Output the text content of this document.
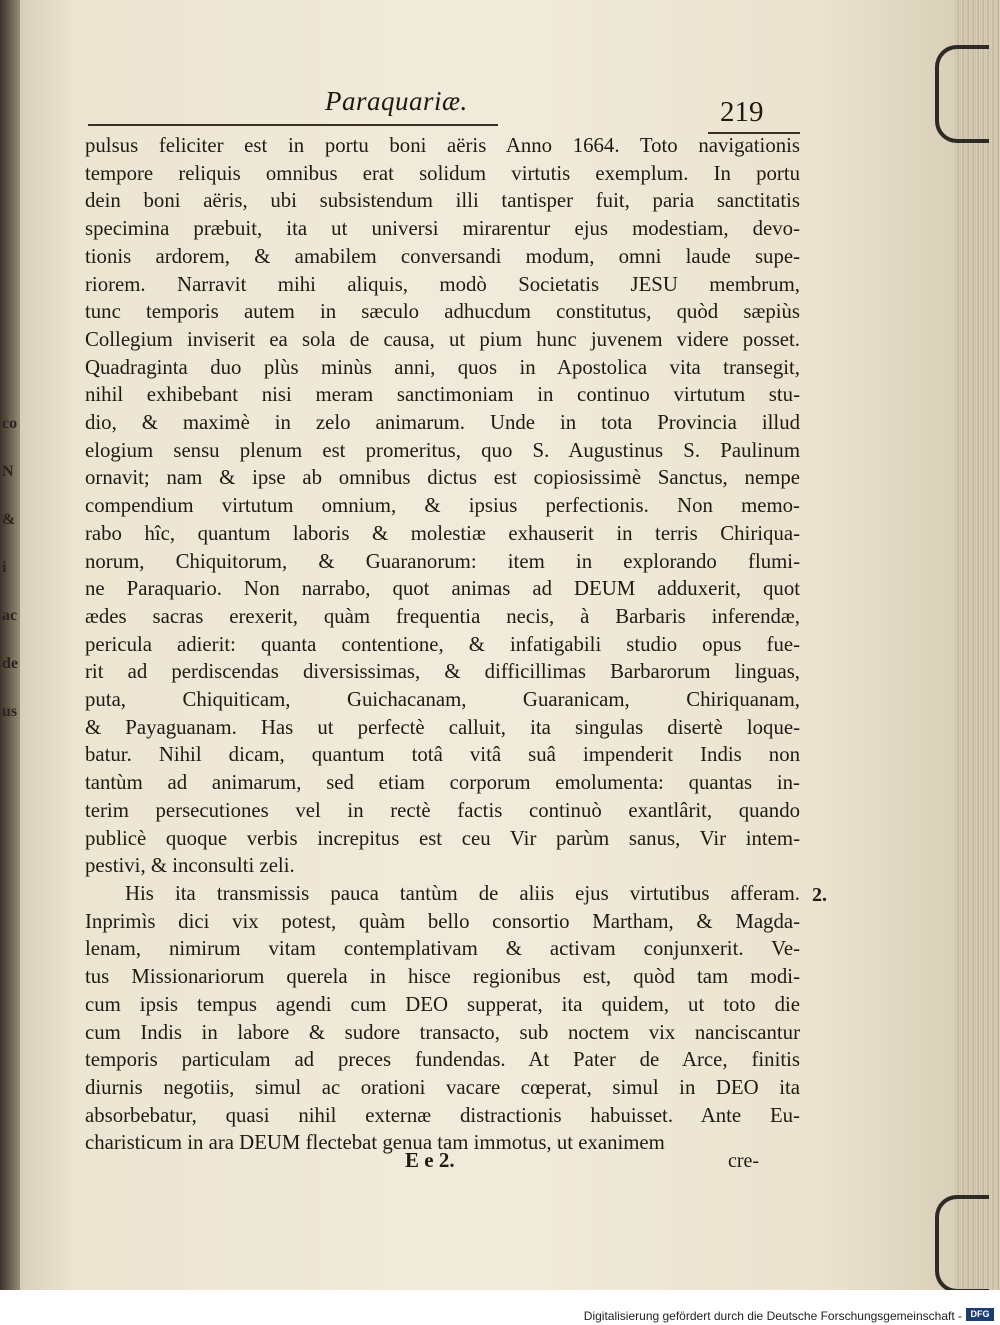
co
N
&
i
ac
de
us
Paraquariæ.	219

pulsus feliciter est in portu boni aëris Anno 1664. Toto navigationis
tempore reliquis omnibus erat solidum virtutis exemplum. In portu
dein boni aëris, ubi subsistendum illi tantisper fuit, paria sanctitatis
specimina præbuit, ita ut universi mirarentur ejus modestiam, devo-
tionis ardorem, & amabilem conversandi modum, omni laude supe-
riorem. Narravit mihi aliquis, modò Societatis JESU membrum,
tunc temporis autem in sæculo adhucdum constitutus, quòd sæpiùs
Collegium inviserit ea sola de causa, ut pium hunc juvenem videre posset.
Quadraginta duo plùs minùs anni, quos in Apostolica vita transegit,
nihil exhibebant nisi meram sanctimoniam in continuo virtutum stu-
dio, & maximè in zelo animarum. Unde in tota Provincia illud
elogium sensu plenum est promeritus, quo S. Augustinus S. Paulinum
ornavit; nam & ipse ab omnibus dictus est copiosissimè Sanctus, nempe
compendium virtutum omnium, & ipsius perfectionis. Non memo-
rabo hîc, quantum laboris & molestiæ exhauserit in terris Chiriqua-
norum, Chiquitorum, & Guaranorum: item in explorando flumi-
ne Paraquario. Non narrabo, quot animas ad DEUM adduxerit, quot
ædes sacras erexerit, quàm frequentia necis, à Barbaris inferendæ,
pericula adierit: quanta contentione, & infatigabili studio opus fue-
rit ad perdiscendas diversissimas, & difficillimas Barbarorum linguas,
puta, Chiquiticam, Guichacanam, Guaranicam, Chiriquanam,
& Payaguanam. Has ut perfectè calluit, ita singulas disertè loque-
batur. Nihil dicam, quantum totâ vitâ suâ impenderit Indis non
tantùm ad animarum, sed etiam corporum emolumenta: quantas in-
terim persecutiones vel in rectè factis continuò exantlârit, quando
publicè quoque verbis increpitus est ceu Vir parùm sanus, Vir intem-
pestivi, & inconsulti zeli.

His ita transmissis pauca tantùm de aliis ejus virtutibus afferam.
Inprimìs dici vix potest, quàm bello consortio Martham, & Magda-
lenam, nimirum vitam contemplativam & activam conjunxerit. Ve-
tus Missionariorum querela in hisce regionibus est, quòd tam modi-
cum ipsis tempus agendi cum DEO supperat, ita quidem, ut toto die
cum Indis in labore & sudore transacto, sub noctem vix nanciscantur
temporis particulam ad preces fundendas. At Pater de Arce, finitis
diurnis negotiis, simul ac orationi vacare cœperat, simul in DEO ita
absorbebatur, quasi nihil externæ distractionis habuisset. Ante Eu-
charisticum in ara DEUM flectebat genua tam immotus, ut exanimem

2.
E e 2.	cre-
Digitalisierung gefördert durch die Deutsche Forschungsgemeinschaft - DFG
